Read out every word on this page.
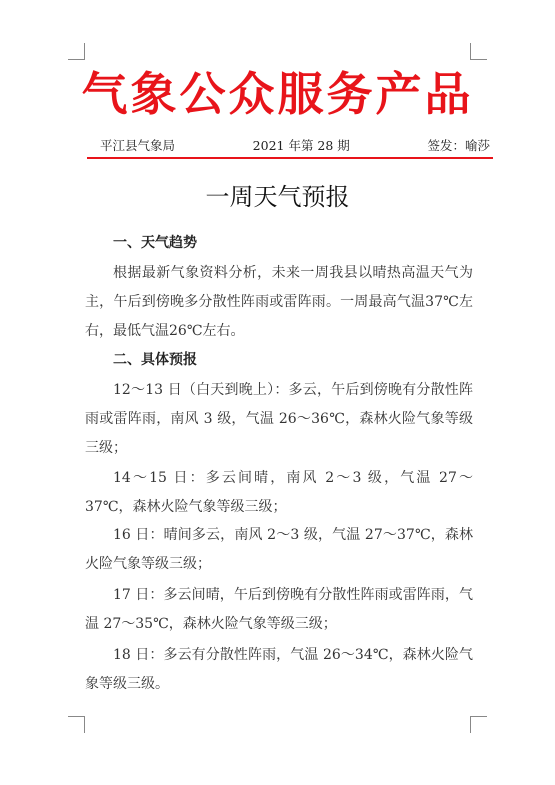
气象公众服务产品
平江县气象局	2021 年第 28 期	签发：喻莎
一周天气预报
一、天气趋势
根据最新气象资料分析，未来一周我县以晴热高温天气为主，午后到傍晚多分散性阵雨或雷阵雨。一周最高气温37℃左右，最低气温26℃左右。
二、具体预报
12～13 日（白天到晚上）：多云，午后到傍晚有分散性阵雨或雷阵雨，南风 3 级，气温 26～36℃，森林火险气象等级三级；
14～15 日：多云间晴，南风 2～3 级，气温 27～37℃，森林火险气象等级三级；
16 日：晴间多云，南风 2～3 级，气温 27～37℃，森林火险气象等级三级；
17 日：多云间晴，午后到傍晚有分散性阵雨或雷阵雨，气温 27～35℃，森林火险气象等级三级；
18 日：多云有分散性阵雨，气温 26～34℃，森林火险气象等级三级。
